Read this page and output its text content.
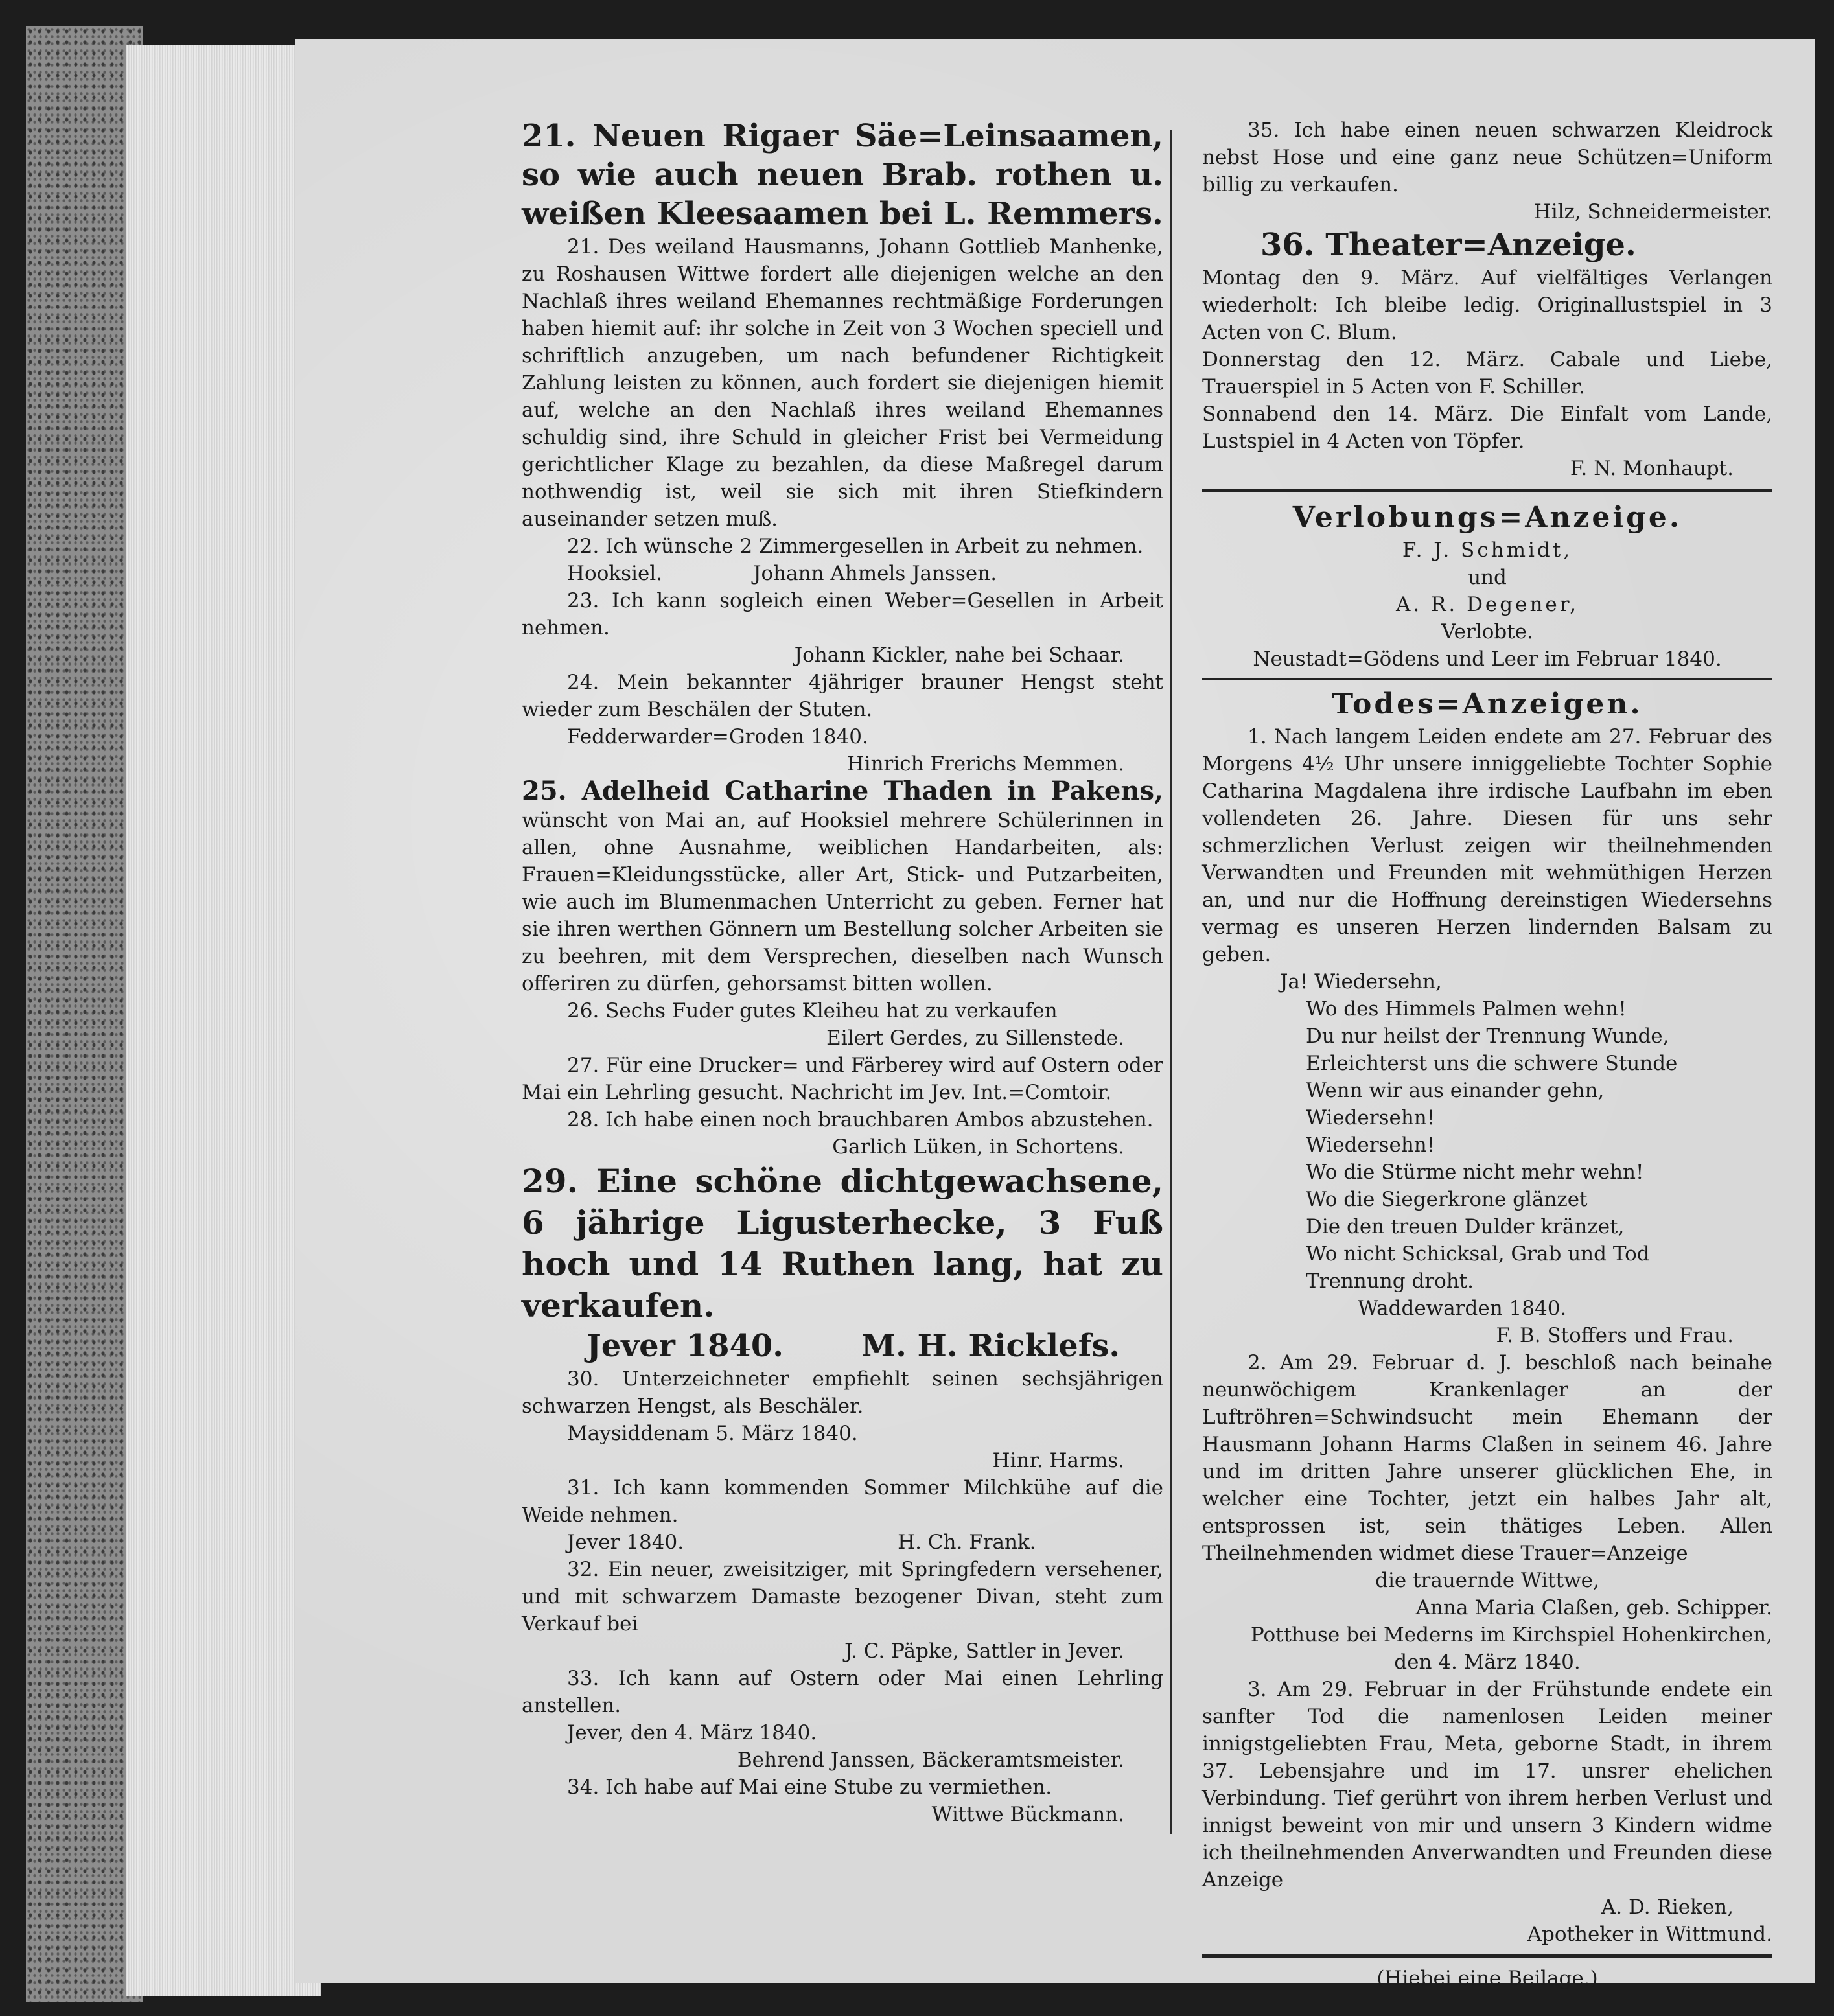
21. Neuen Rigaer Säe=Leinsaamen, so wie auch neuen Brab. rothen u. weißen Kleesaamen bei L. Remmers.

21. Des weiland Hausmanns, Johann Gottlieb Manhenke, zu Roshausen Wittwe fordert alle diejenigen welche an den Nachlaß ihres weiland Ehemannes rechtmäßige Forderungen haben hiemit auf: ihr solche in Zeit von 3 Wochen speciell und schriftlich anzugeben, um nach befundener Richtigkeit Zahlung leisten zu können, auch fordert sie diejenigen hiemit auf, welche an den Nachlaß ihres weiland Ehemannes schuldig sind, ihre Schuld in gleicher Frist bei Vermeidung gerichtlicher Klage zu bezahlen, da diese Maßregel darum nothwendig ist, weil sie sich mit ihren Stiefkindern auseinander setzen muß.

22. Ich wünsche 2 Zimmergesellen in Arbeit zu nehmen.

Hooksiel.	Johann Ahmels Janssen.

23. Ich kann sogleich einen Weber=Gesellen in Arbeit nehmen.

Johann Kickler, nahe bei Schaar.

24. Mein bekannter 4jähriger brauner Hengst steht wieder zum Beschälen der Stuten.

Fedderwarder=Groden 1840.

Hinrich Frerichs Memmen.

25. Adelheid Catharine Thaden in Pakens, wünscht von Mai an, auf Hooksiel mehrere Schülerinnen in allen, ohne Ausnahme, weiblichen Handarbeiten, als: Frauen=Kleidungsstücke, aller Art, Stick- und Putzarbeiten, wie auch im Blumenmachen Unterricht zu geben. Ferner hat sie ihren werthen Gönnern um Bestellung solcher Arbeiten sie zu beehren, mit dem Versprechen, dieselben nach Wunsch offeriren zu dürfen, gehorsamst bitten wollen.

26. Sechs Fuder gutes Kleiheu hat zu verkaufen

Eilert Gerdes, zu Sillenstede.

27. Für eine Drucker= und Färberey wird auf Ostern oder Mai ein Lehrling gesucht. Nachricht im Jev. Int.=Comtoir.

28. Ich habe einen noch brauchbaren Ambos abzustehen.

Garlich Lüken, in Schortens.

29. Eine schöne dichtgewachsene, 6 jährige Ligusterhecke, 3 Fuß hoch und 14 Ruthen lang, hat zu verkaufen.

Jever 1840.	M. H. Ricklefs.

30. Unterzeichneter empfiehlt seinen sechsjährigen schwarzen Hengst, als Beschäler.

Maysiddenam 5. März 1840.

Hinr. Harms.

31. Ich kann kommenden Sommer Milchkühe auf die Weide nehmen.

Jever 1840.	H. Ch. Frank.

32. Ein neuer, zweisitziger, mit Springfedern versehener, und mit schwarzem Damaste bezogener Divan, steht zum Verkauf bei

J. C. Päpke, Sattler in Jever.

33. Ich kann auf Ostern oder Mai einen Lehrling anstellen.

Jever, den 4. März 1840.

Behrend Janssen, Bäckeramtsmeister.

34. Ich habe auf Mai eine Stube zu vermiethen.

Wittwe Bückmann.

35. Ich habe einen neuen schwarzen Kleidrock nebst Hose und eine ganz neue Schützen=Uniform billig zu verkaufen.

Hilz, Schneidermeister.

36. Theater=Anzeige.

Montag den 9. März. Auf vielfältiges Verlangen wiederholt: Ich bleibe ledig. Originallustspiel in 3 Acten von C. Blum.

Donnerstag den 12. März. Cabale und Liebe, Trauerspiel in 5 Acten von F. Schiller.

Sonnabend den 14. März. Die Einfalt vom Lande, Lustspiel in 4 Acten von Töpfer.

F. N. Monhaupt.

Verlobungs=Anzeige.

F. J. Schmidt,

und

A. R. Degener,

Verlobte.

Neustadt=Gödens und Leer im Februar 1840.

Todes=Anzeigen.

1. Nach langem Leiden endete am 27. Februar des Morgens 4½ Uhr unsere inniggeliebte Tochter Sophie Catharina Magdalena ihre irdische Laufbahn im eben vollendeten 26. Jahre. Diesen für uns sehr schmerzlichen Verlust zeigen wir theilnehmenden Verwandten und Freunden mit wehmüthigen Herzen an, und nur die Hoffnung dereinstigen Wiedersehns vermag es unseren Herzen lindernden Balsam zu geben.

Ja! Wiedersehn,

Wo des Himmels Palmen wehn!
Du nur heilst der Trennung Wunde,
Erleichterst uns die schwere Stunde
Wenn wir aus einander gehn,
Wiedersehn!
Wiedersehn!
Wo die Stürme nicht mehr wehn!
Wo die Siegerkrone glänzet
Die den treuen Dulder kränzet,
Wo nicht Schicksal, Grab und Tod
Trennung droht.

Waddewarden 1840.

F. B. Stoffers und Frau.

2. Am 29. Februar d. J. beschloß nach beinahe neunwöchigem Krankenlager an der Luftröhren=Schwindsucht mein Ehemann der Hausmann Johann Harms Claßen in seinem 46. Jahre und im dritten Jahre unserer glücklichen Ehe, in welcher eine Tochter, jetzt ein halbes Jahr alt, entsprossen ist, sein thätiges Leben. Allen Theilnehmenden widmet diese Trauer=Anzeige

die trauernde Wittwe,

Anna Maria Claßen, geb. Schipper.

Potthuse bei Mederns im Kirchspiel Hohenkirchen,

den 4. März 1840.

3. Am 29. Februar in der Frühstunde endete ein sanfter Tod die namenlosen Leiden meiner innigstgeliebten Frau, Meta, geborne Stadt, in ihrem 37. Lebensjahre und im 17. unsrer ehelichen Verbindung. Tief gerührt von ihrem herben Verlust und innigst beweint von mir und unsern 3 Kindern widme ich theilnehmenden Anverwandten und Freunden diese Anzeige

A. D. Rieken,

Apotheker in Wittmund.

(Hiebei eine Beilage.)
